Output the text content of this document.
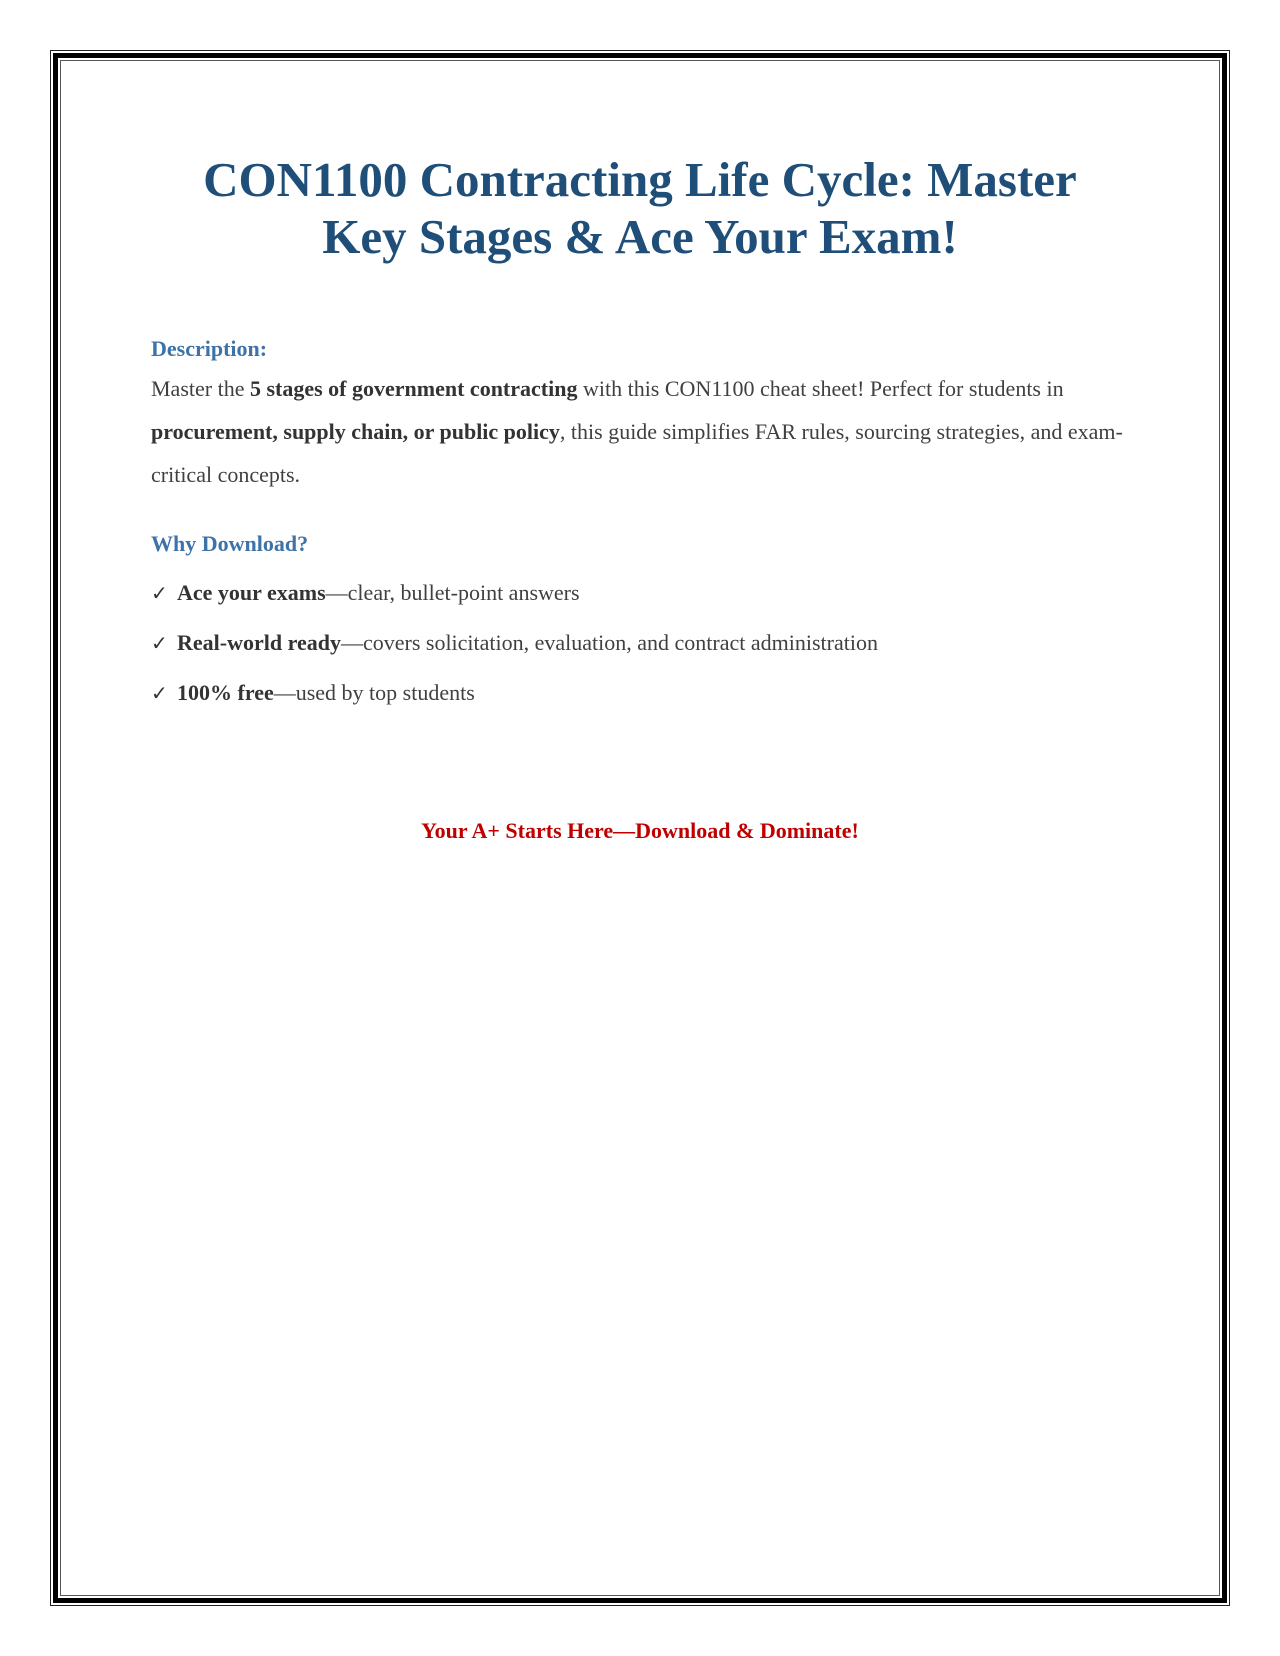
CON1100 Contracting Life Cycle: Master
Key Stages & Ace Your Exam!
Description:

Master the 5 stages of government contracting with this CON1100 cheat sheet! Perfect for students in procurement, supply chain, or public policy, this guide simplifies FAR rules, sourcing strategies, and exam-critical concepts.

Why Download?
✓ Ace your exams—clear, bullet-point answers
✓ Real-world ready—covers solicitation, evaluation, and contract administration
✓ 100% free—used by top students

Your A+ Starts Here—Download & Dominate!
